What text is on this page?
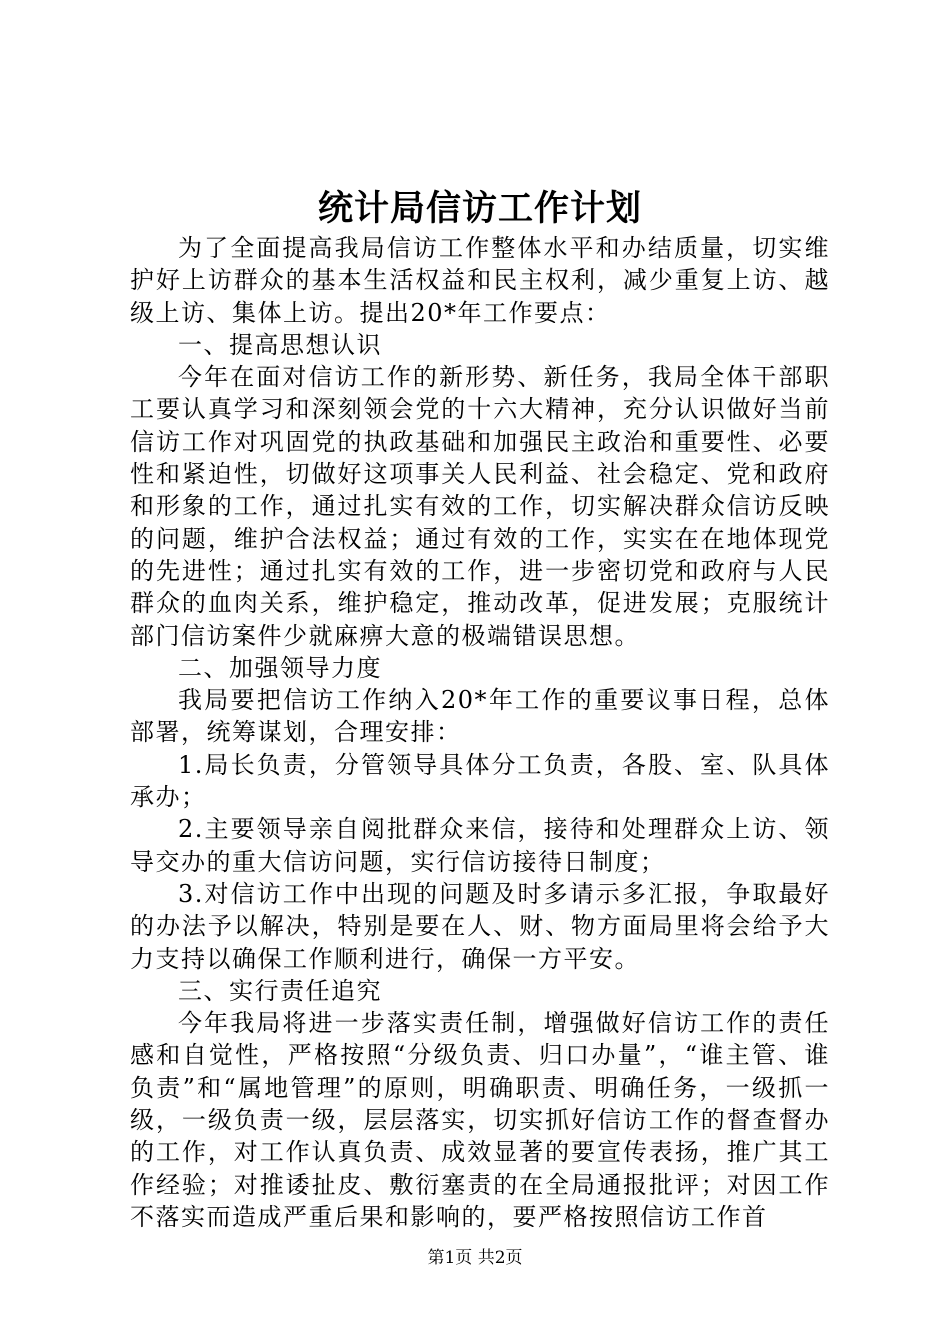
统计局信访工作计划

为了全面提高我局信访工作整体水平和办结质量，切实维护好上访群众的基本生活权益和民主权利，减少重复上访、越级上访、集体上访。提出20*年工作要点：

一、提高思想认识

今年在面对信访工作的新形势、新任务，我局全体干部职工要认真学习和深刻领会党的十六大精神，充分认识做好当前信访工作对巩固党的执政基础和加强民主政治和重要性、必要性和紧迫性，切做好这项事关人民利益、社会稳定、党和政府和形象的工作，通过扎实有效的工作，切实解决群众信访反映的问题，维护合法权益；通过有效的工作，实实在在地体现党的先进性；通过扎实有效的工作，进一步密切党和政府与人民群众的血肉关系，维护稳定，推动改革，促进发展；克服统计部门信访案件少就麻痹大意的极端错误思想。

二、加强领导力度

我局要把信访工作纳入20*年工作的重要议事日程，总体部署，统筹谋划，合理安排：

1.局长负责，分管领导具体分工负责，各股、室、队具体承办；

2.主要领导亲自阅批群众来信，接待和处理群众上访、领导交办的重大信访问题，实行信访接待日制度；

3.对信访工作中出现的问题及时多请示多汇报，争取最好的办法予以解决，特别是要在人、财、物方面局里将会给予大力支持以确保工作顺利进行，确保一方平安。

三、实行责任追究

今年我局将进一步落实责任制，增强做好信访工作的责任感和自觉性，严格按照“分级负责、归口办量”，“谁主管、谁负责”和“属地管理”的原则，明确职责、明确任务，一级抓一级，一级负责一级，层层落实，切实抓好信访工作的督查督办的工作，对工作认真负责、成效显著的要宣传表扬，推广其工作经验；对推诿扯皮、敷衍塞责的在全局通报批评；对因工作不落实而造成严重后果和影响的，要严格按照信访工作首

第1页 共2页
